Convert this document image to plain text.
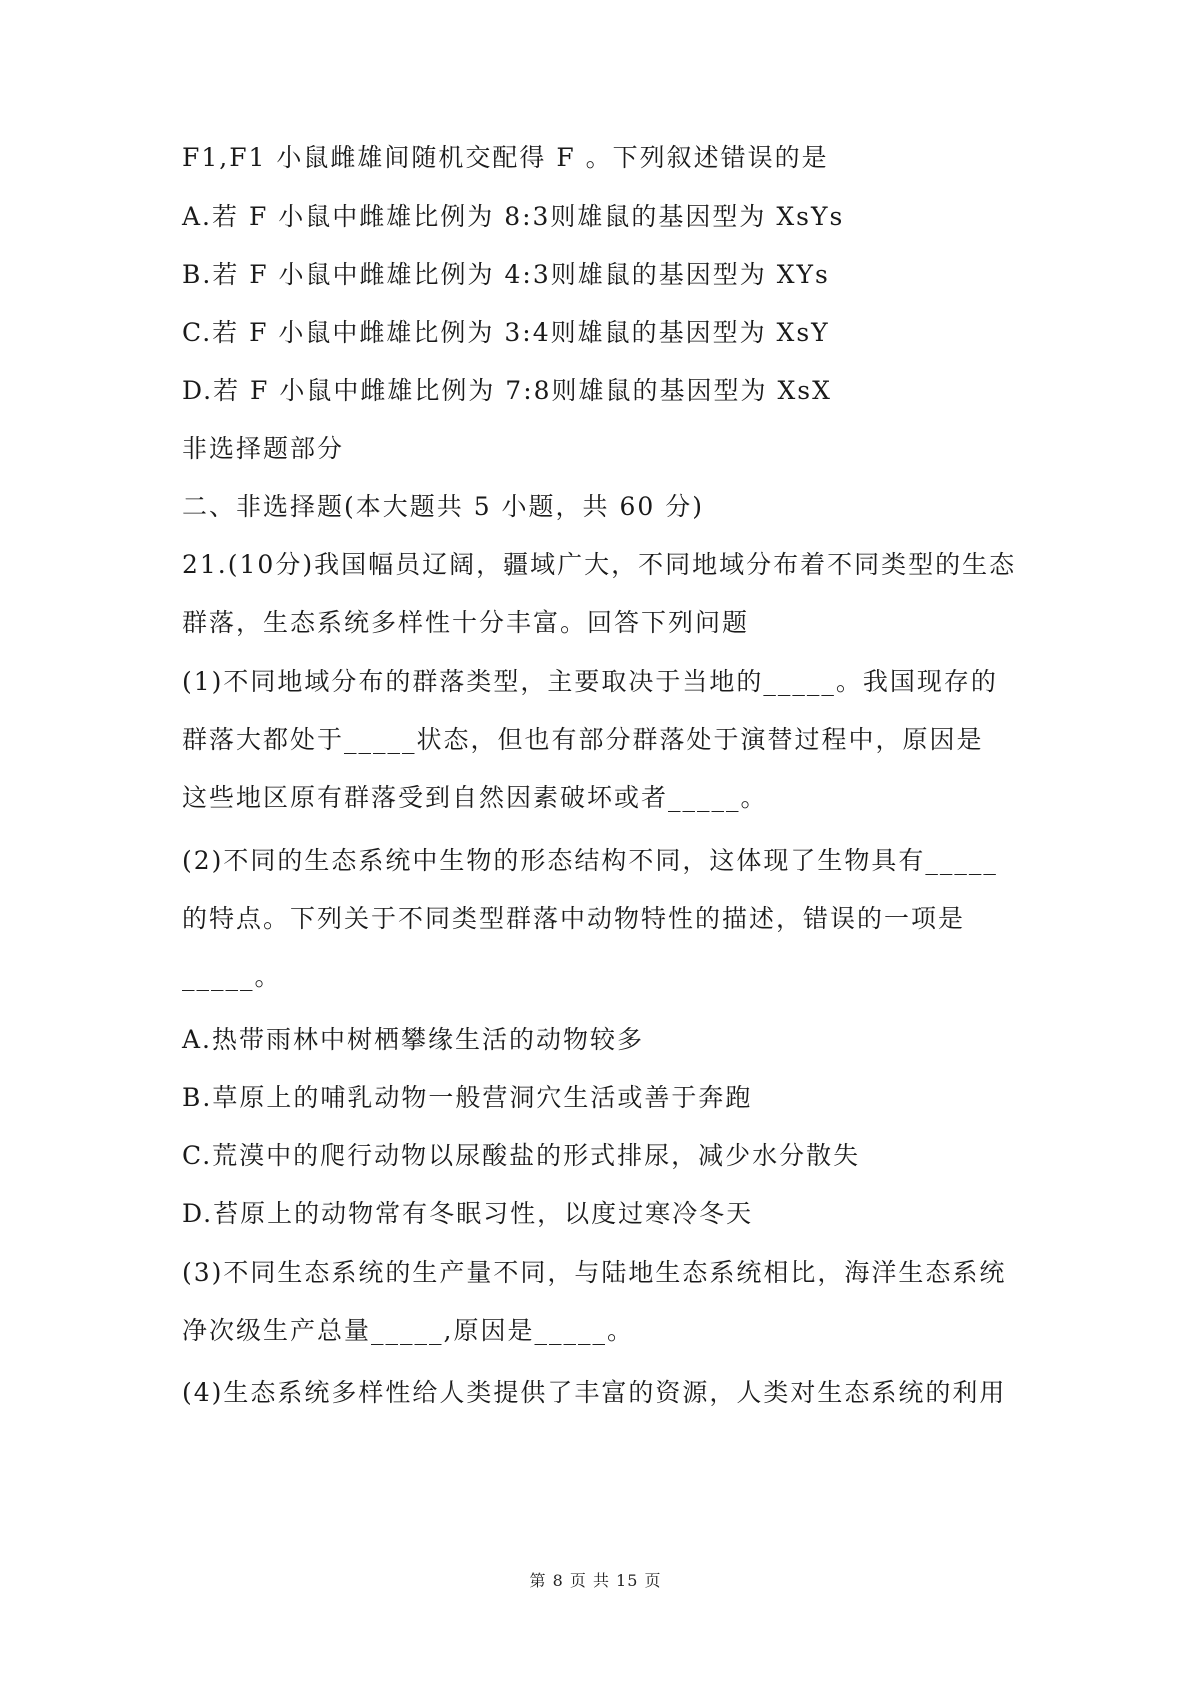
F1,F1 小鼠雌雄间随机交配得 F 。下列叙述错误的是
A.若 F 小鼠中雌雄比例为 8:3则雄鼠的基因型为 XsYs
B.若 F 小鼠中雌雄比例为 4:3则雄鼠的基因型为 XYs
C.若 F 小鼠中雌雄比例为 3:4则雄鼠的基因型为 XsY
D.若 F 小鼠中雌雄比例为 7:8则雄鼠的基因型为 XsX
非选择题部分
二、非选择题(本大题共 5 小题，共 60 分)
21.(10分)我国幅员辽阔，疆域广大，不同地域分布着不同类型的生态
群落，生态系统多样性十分丰富。回答下列问题
(1)不同地域分布的群落类型，主要取决于当地的_____。我国现存的
群落大都处于_____状态，但也有部分群落处于演替过程中，原因是
这些地区原有群落受到自然因素破坏或者_____。
(2)不同的生态系统中生物的形态结构不同，这体现了生物具有_____
的特点。下列关于不同类型群落中动物特性的描述，错误的一项是
_____。
A.热带雨林中树栖攀缘生活的动物较多
B.草原上的哺乳动物一般营洞穴生活或善于奔跑
C.荒漠中的爬行动物以尿酸盐的形式排尿，减少水分散失
D.苔原上的动物常有冬眠习性，以度过寒冷冬天
(3)不同生态系统的生产量不同，与陆地生态系统相比，海洋生态系统
净次级生产总量_____,原因是_____。
(4)生态系统多样性给人类提供了丰富的资源，人类对生态系统的利用
第 8 页 共 15 页
